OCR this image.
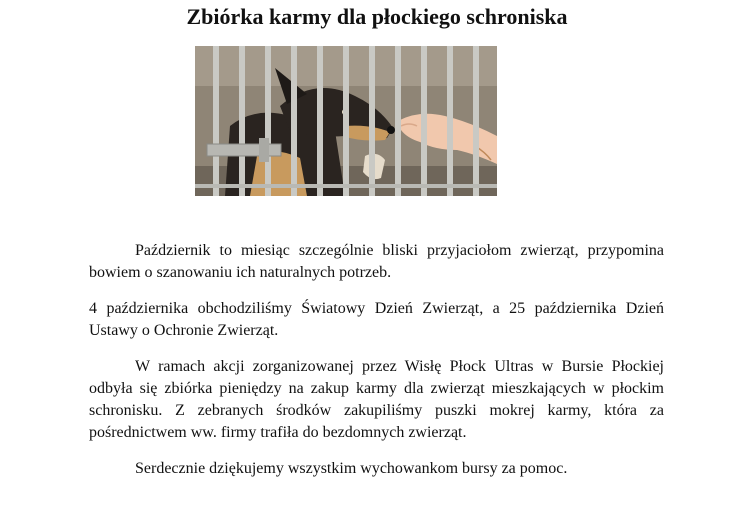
Zbiórka karmy dla płockiego schroniska

Październik to miesiąc szczególnie bliski przyjaciołom zwierząt, przypomina bowiem o szanowaniu ich naturalnych potrzeb.

4 października obchodziliśmy Światowy Dzień Zwierząt, a 25 października Dzień Ustawy o Ochronie Zwierząt.

W ramach akcji zorganizowanej przez Wisłę Płock Ultras w Bursie Płockiej odbyła się zbiórka pieniędzy na zakup karmy dla zwierząt mieszkających w płockim schronisku. Z zebranych środków zakupiliśmy puszki mokrej karmy, która za pośrednictwem ww. firmy trafiła do bezdomnych zwierząt.

Serdecznie dziękujemy wszystkim wychowankom bursy za pomoc.
